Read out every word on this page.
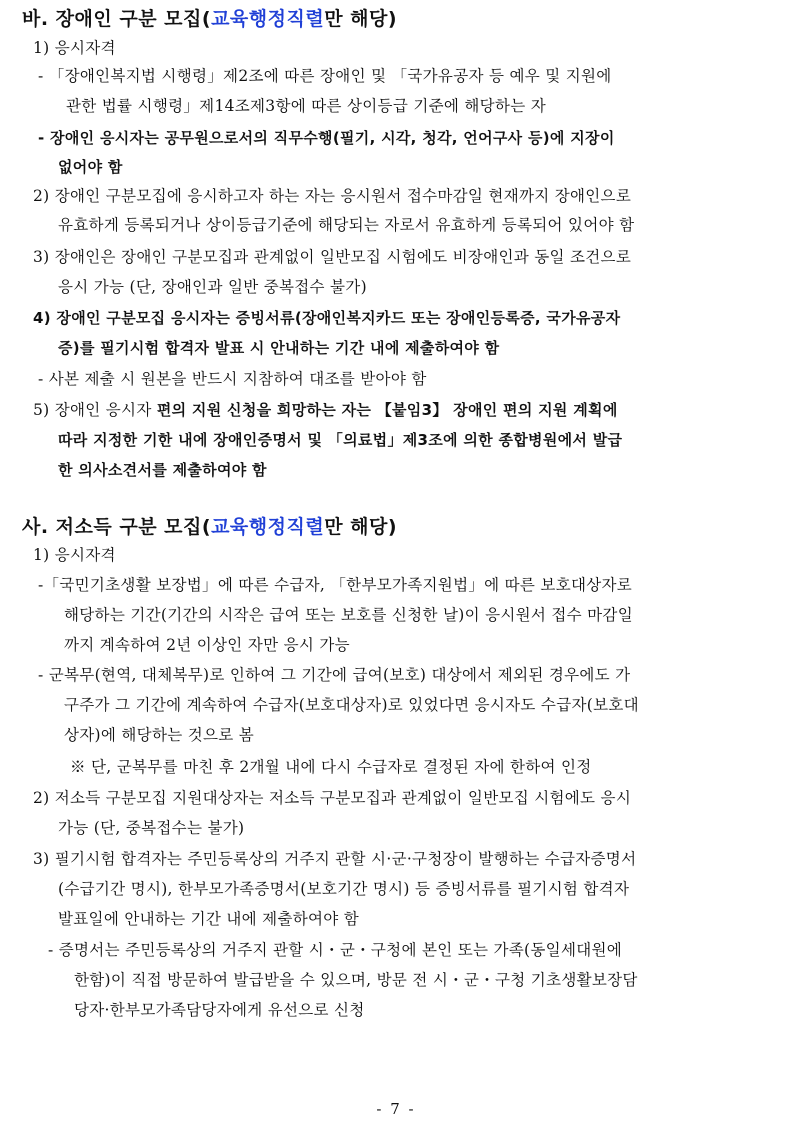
바. 장애인 구분 모집(교육행정직렬만 해당)
1) 응시자격
- 「장애인복지법 시행령」제2조에 따른 장애인 및 「국가유공자 등 예우 및 지원에
관한 법률 시행령」제14조제3항에 따른 상이등급 기준에 해당하는 자
- 장애인 응시자는 공무원으로서의 직무수행(필기, 시각, 청각, 언어구사 등)에 지장이
없어야 함
2) 장애인 구분모집에 응시하고자 하는 자는 응시원서 접수마감일 현재까지 장애인으로
유효하게 등록되거나 상이등급기준에 해당되는 자로서 유효하게 등록되어 있어야 함
3) 장애인은 장애인 구분모집과 관계없이 일반모집 시험에도 비장애인과 동일 조건으로
응시 가능 (단, 장애인과 일반 중복접수 불가)
4) 장애인 구분모집 응시자는 증빙서류(장애인복지카드 또는 장애인등록증, 국가유공자
증)를 필기시험 합격자 발표 시 안내하는 기간 내에 제출하여야 함
- 사본 제출 시 원본을 반드시 지참하여 대조를 받아야 함
5) 장애인 응시자 편의 지원 신청을 희망하는 자는 【붙임3】 장애인 편의 지원 계획에
따라 지정한 기한 내에 장애인증명서 및 「의료법」제3조에 의한 종합병원에서 발급
한 의사소견서를 제출하여야 함
사. 저소득 구분 모집(교육행정직렬만 해당)
1) 응시자격
-「국민기초생활 보장법」에 따른 수급자, 「한부모가족지원법」에 따른 보호대상자로
해당하는 기간(기간의 시작은 급여 또는 보호를 신청한 날)이 응시원서 접수 마감일
까지 계속하여 2년 이상인 자만 응시 가능
- 군복무(현역, 대체복무)로 인하여 그 기간에 급여(보호) 대상에서 제외된 경우에도 가
구주가 그 기간에 계속하여 수급자(보호대상자)로 있었다면 응시자도 수급자(보호대
상자)에 해당하는 것으로 봄
※ 단, 군복무를 마친 후 2개월 내에 다시 수급자로 결정된 자에 한하여 인정
2) 저소득 구분모집 지원대상자는 저소득 구분모집과 관계없이 일반모집 시험에도 응시
가능 (단, 중복접수는 불가)
3) 필기시험 합격자는 주민등록상의 거주지 관할 시·군·구청장이 발행하는 수급자증명서
(수급기간 명시), 한부모가족증명서(보호기간 명시) 등 증빙서류를 필기시험 합격자
발표일에 안내하는 기간 내에 제출하여야 함
- 증명서는 주민등록상의 거주지 관할 시・군・구청에 본인 또는 가족(동일세대원에
한함)이 직접 방문하여 발급받을 수 있으며, 방문 전 시・군・구청 기초생활보장담
당자·한부모가족담당자에게 유선으로 신청
- 7 -
